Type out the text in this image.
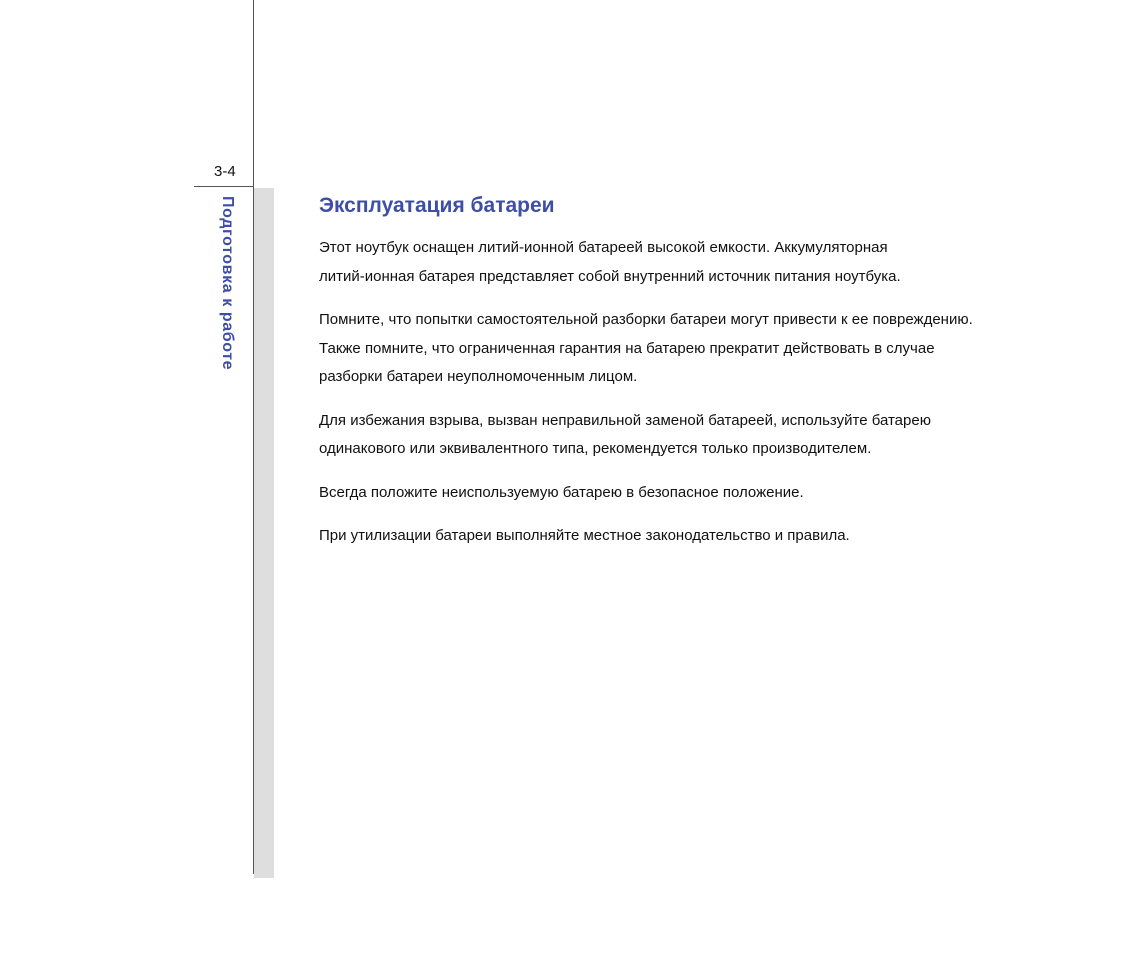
3-4
Подготовка к работе	Эксплуатация батареи

Этот ноутбук оснащен литий-ионной батареей высокой емкости. Аккумуляторная
литий-ионная батарея представляет собой внутренний источник питания ноутбука.

Помните, что попытки самостоятельной разборки батареи могут привести к ее повреждению.
Также помните, что ограниченная гарантия на батарею прекратит действовать в случае
разборки батареи неуполномоченным лицом.

Для избежания взрыва, вызван неправильной заменой батареей, используйте батарею
одинакового или эквивалентного типа, рекомендуется только производителем.

Всегда положите неиспользуемую батарею в безопасное положение.

При утилизации батареи выполняйте местное законодательство и правила.
